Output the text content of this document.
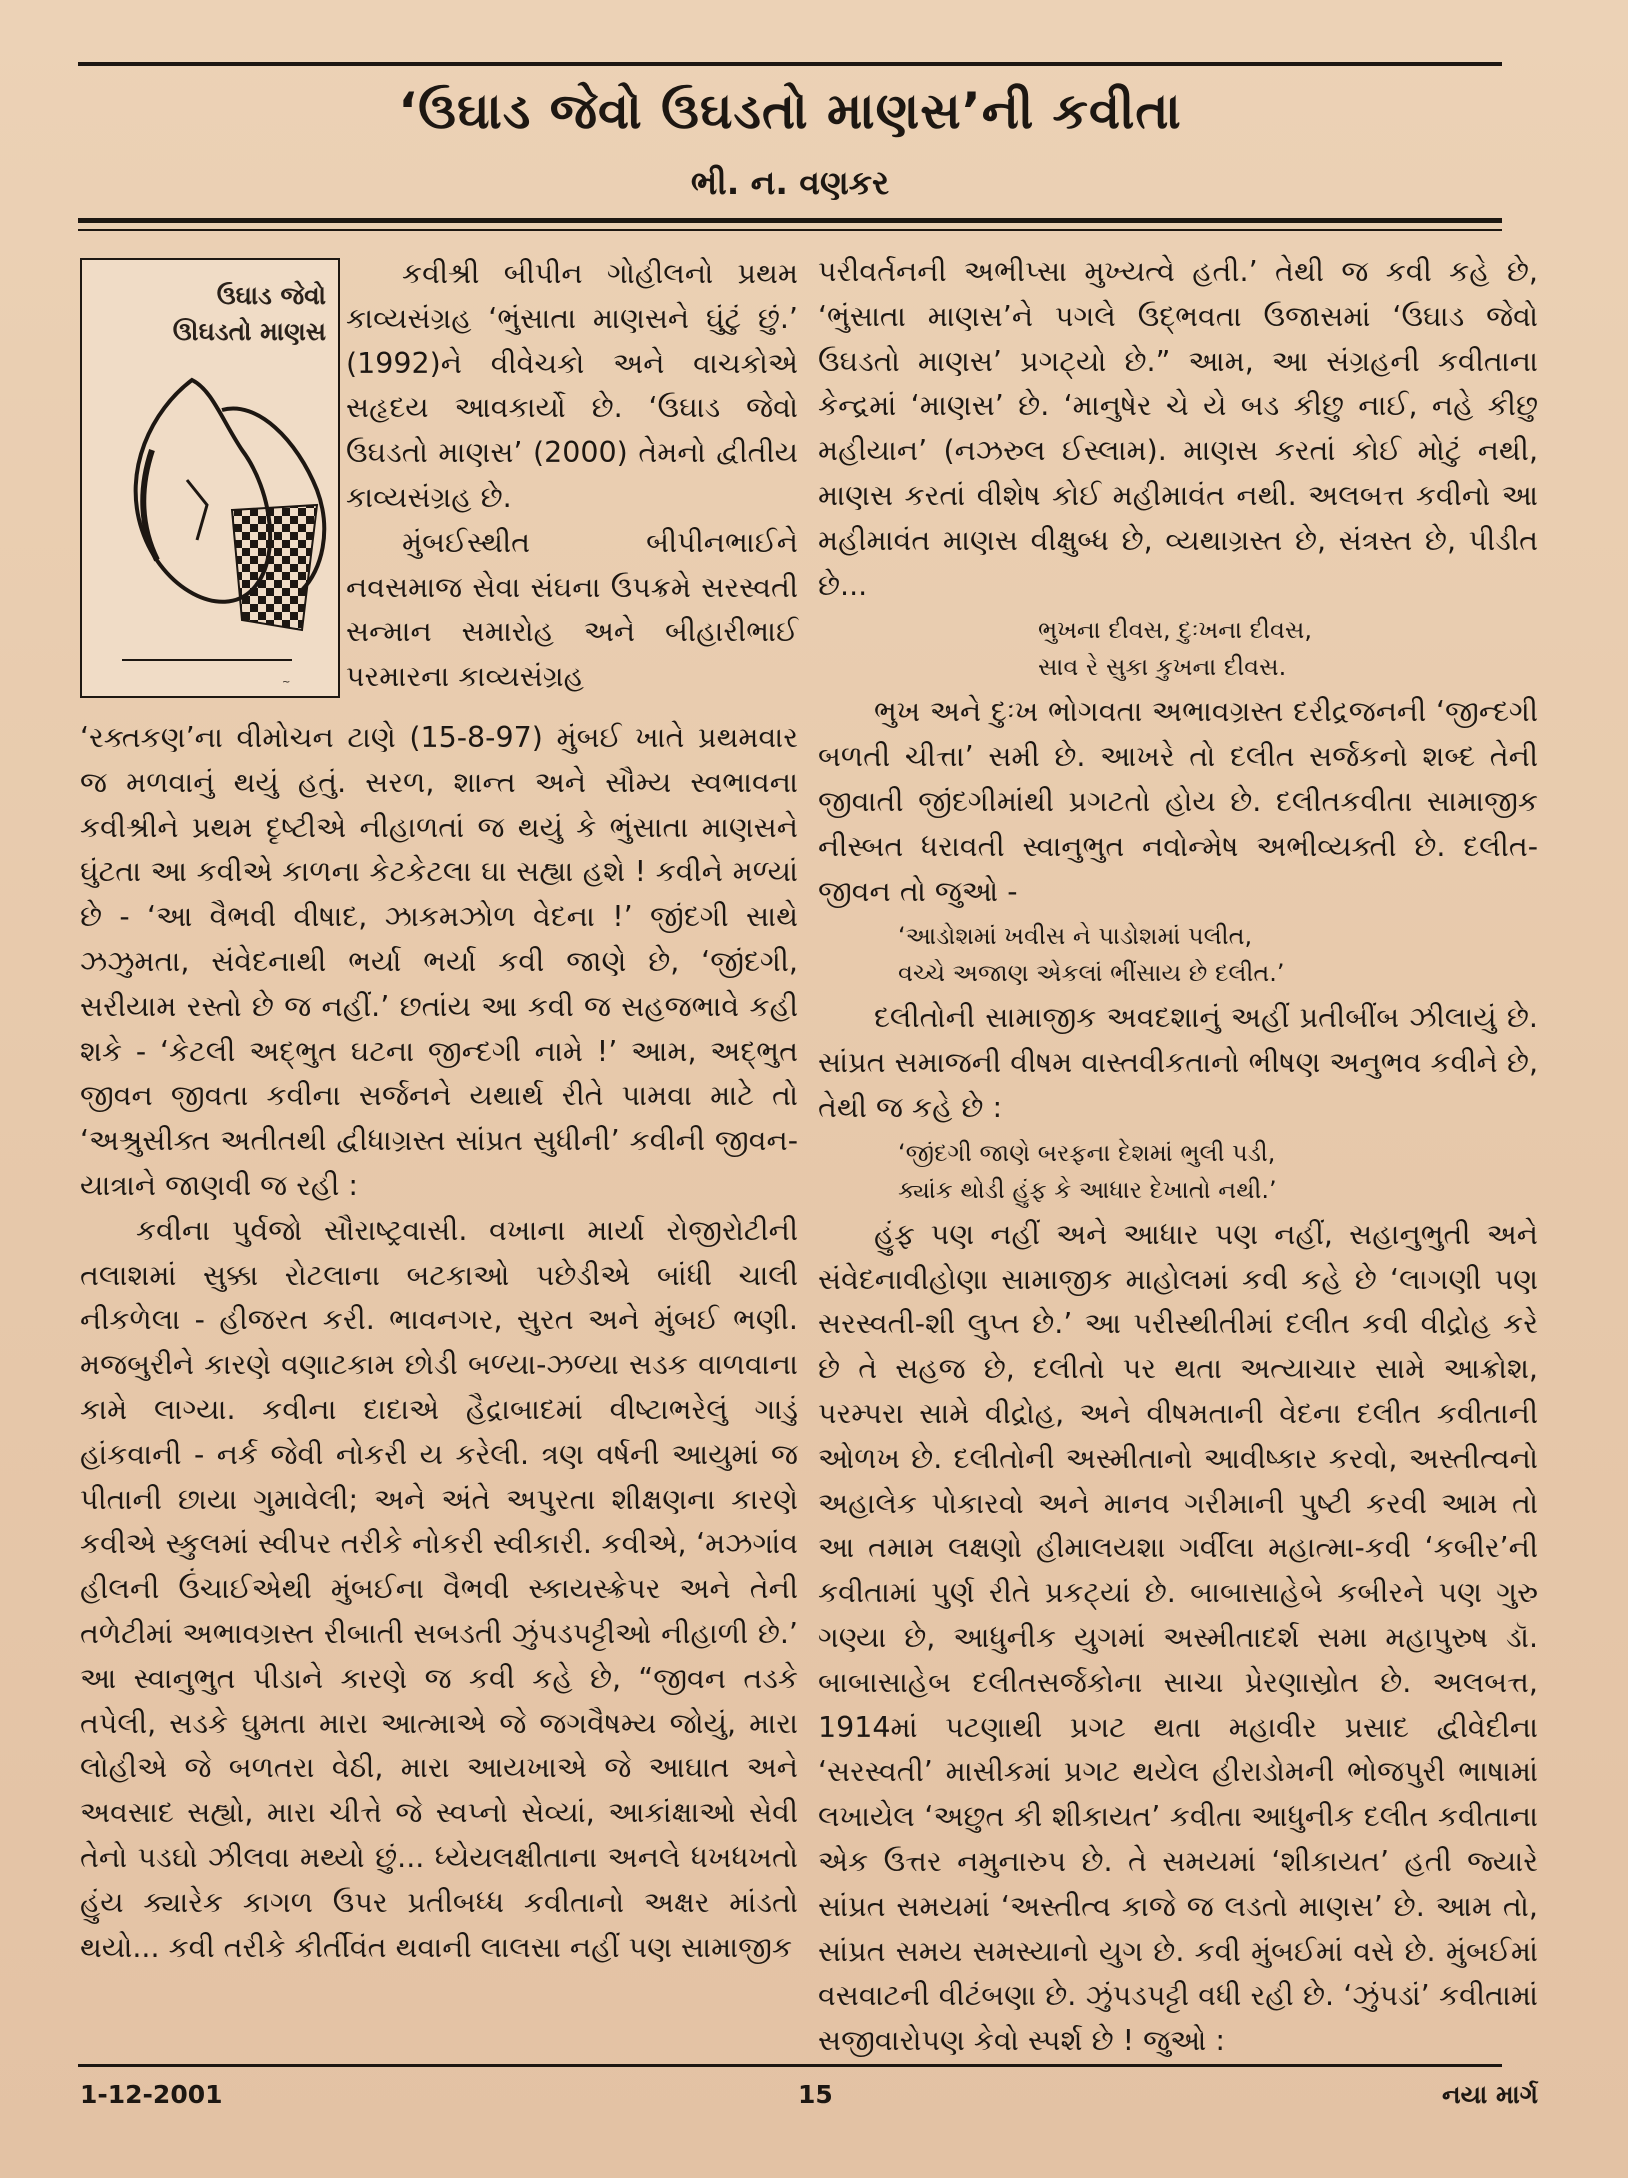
‘ઉઘાડ જેવો ઉઘડતો માણસ’ની કવીતા
ભી. ન. વણકર
~
ઉઘાડ જેવો
ઊઘડતો માણસ

કવીશ્રી બીપીન ગોહીલનો પ્રથમ કાવ્યસંગ્રહ ‘ભુંસાતા માણસને ઘુંટું છું.’ (1992)ને વીવેચકો અને વાચકોએ સહૃદય આવકાર્યો છે. ‘ઉઘાડ જેવો ઉઘડતો માણસ’ (2000) તેમનો દ્વીતીય કાવ્યસંગ્રહ છે.

મુંબઈસ્થીત બીપીનભાઈને નવસમાજ સેવા સંઘના ઉપક્રમે સરસ્વતી સન્માન સમારોહ અને બીહારીભાઈ પરમારના કાવ્યસંગ્રહ

‘રક્તકણ’ના વીમોચન ટાણે (15-8-97) મુંબઈ ખાતે પ્રથમવાર જ મળવાનું થયું હતું. સરળ, શાન્ત અને સૌમ્ય સ્વભાવના કવીશ્રીને પ્રથમ દૃષ્ટીએ નીહાળતાં જ થયું કે ભુંસાતા માણસને ઘુંટતા આ કવીએ કાળના કેટકેટલા ઘા સહ્યા હશે ! કવીને મળ્યાં છે - ‘આ વૈભવી વીષાદ, ઝાકમઝોળ વેદના !’ જીંદગી સાથે ઝઝુમતા, સંવેદનાથી ભર્યા ભર્યા કવી જાણે છે, ‘જીંદગી, સરીયામ રસ્તો છે જ નહીં.’ છતાંય આ કવી જ સહજભાવે કહી શકે - ‘કેટલી અદ્ભુત ઘટના જીન્દગી નામે !’ આમ, અદ્ભુત જીવન જીવતા કવીના સર્જનને યથાર્થ રીતે પામવા માટે તો ‘અશ્રુસીક્ત અતીતથી દ્વીધાગ્રસ્ત સાંપ્રત સુધીની’ કવીની જીવન-યાત્રાને જાણવી જ રહી :

કવીના પુર્વજો સૌરાષ્ટ્રવાસી. વખાના માર્યા રોજીરોટીની તલાશમાં સુક્કા રોટલાના બટકાઓ પછેડીએ બાંધી ચાલી નીકળેલા - હીજરત કરી. ભાવનગર, સુરત અને મુંબઈ ભણી. મજબુરીને કારણે વણાટકામ છોડી બળ્યા-ઝળ્યા સડક વાળવાના કામે લાગ્યા. કવીના દાદાએ હૈદ્રાબાદમાં વીષ્ટાભરેલું ગાડું હાંકવાની - નર્ક જેવી નોકરી ય કરેલી. ત્રણ વર્ષની આયુમાં જ પીતાની છાયા ગુમાવેલી; અને અંતે અપુરતા શીક્ષણના કારણે કવીએ સ્કુલમાં સ્વીપર તરીકે નોકરી સ્વીકારી. કવીએ, ‘મઝગાંવ હીલની ઉંચાઈએથી મુંબઈના વૈભવી સ્કાયસ્ક્રેપર અને તેની તળેટીમાં અભાવગ્રસ્ત રીબાતી સબડતી ઝુંપડપટ્ટીઓ નીહાળી છે.’ આ સ્વાનુભુત પીડાને કારણે જ કવી કહે છે, “જીવન તડકે તપેલી, સડકે ઘુમતા મારા આત્માએ જે જગવૈષમ્ય જોયું, મારા લોહીએ જે બળતરા વેઠી, મારા આયખાએ જે આઘાત અને અવસાદ સહ્યો, મારા ચીત્તે જે સ્વપ્નો સેવ્યાં, આકાંક્ષાઓ સેવી તેનો પડઘો ઝીલવા મથ્યો છું... ધ્યેયલક્ષીતાના અનલે ધખધખતો હુંય ક્યારેક કાગળ ઉપર પ્રતીબધ્ધ કવીતાનો અક્ષર માંડતો થયો... કવી તરીકે કીર્તીવંત થવાની લાલસા નહીં પણ સામાજીક

પરીવર્તનની અભીપ્સા મુખ્યત્વે હતી.’ તેથી જ કવી કહે છે, ‘ભુંસાતા માણસ’ને પગલે ઉદ્ભવતા ઉજાસમાં ‘ઉઘાડ જેવો ઉઘડતો માણસ’ પ્રગટ્યો છે.” આમ, આ સંગ્રહની કવીતાના કેન્દ્રમાં ‘માણસ’ છે. ‘માનુષેર ચે યે બડ કીછુ નાઈ, નહે કીછુ મહીયાન’ (નઝરુલ ઈસ્લામ). માણસ કરતાં કોઈ મોટું નથી, માણસ કરતાં વીશેષ કોઈ મહીમાવંત નથી. અલબત્ત કવીનો આ મહીમાવંત માણસ વીક્ષુબ્ધ છે, વ્યથાગ્રસ્ત છે, સંત્રસ્ત છે, પીડીત છે...

ભુખના દીવસ, દુઃખના દીવસ,

સાવ રે સુકા કુખના દીવસ.

ભુખ અને દુઃખ ભોગવતા અભાવગ્રસ્ત દરીદ્રજનની ‘જીન્દગી બળતી ચીત્તા’ સમી છે. આખરે તો દલીત સર્જકનો શબ્દ તેની જીવાતી જીંદગીમાંથી પ્રગટતો હોય છે. દલીતકવીતા સામાજીક નીસ્બત ધરાવતી સ્વાનુભુત નવોન્મેષ અભીવ્યક્તી છે. દલીત-જીવન તો જુઓ -

‘આડોશમાં ખવીસ ને પાડોશમાં પલીત,

વચ્ચે અજાણ એકલાં ભીંસાય છે દલીત.’

દલીતોની સામાજીક અવદશાનું અહીં પ્રતીબીંબ ઝીલાયું છે. સાંપ્રત સમાજની વીષમ વાસ્તવીકતાનો ભીષણ અનુભવ કવીને છે, તેથી જ કહે છે :

‘જીંદગી જાણે બરફના દેશમાં ભુલી પડી,

ક્યાંક થોડી હુંફ કે આધાર દેખાતો નથી.’

હુંફ પણ નહીં અને આધાર પણ નહીં, સહાનુભુતી અને સંવેદનાવીહોણા સામાજીક માહોલમાં કવી કહે છે ‘લાગણી પણ સરસ્વતી-શી લુપ્ત છે.’ આ પરીસ્થીતીમાં દલીત કવી વીદ્રોહ કરે છે તે સહજ છે, દલીતો પર થતા અત્યાચાર સામે આક્રોશ, પરમ્પરા સામે વીદ્રોહ, અને વીષમતાની વેદના દલીત કવીતાની ઓળખ છે. દલીતોની અસ્મીતાનો આવીષ્કાર કરવો, અસ્તીત્વનો અહાલેક પોકારવો અને માનવ ગરીમાની પુષ્ટી કરવી આમ તો આ તમામ લક્ષણો હીમાલયશા ગર્વીલા મહાત્મા-કવી ‘કબીર’ની કવીતામાં પુર્ણ રીતે પ્રકટ્યાં છે. બાબાસાહેબે કબીરને પણ ગુરુ ગણ્યા છે, આધુનીક યુગમાં અસ્મીતાદર્શ સમા મહાપુરુષ ડૉ. બાબાસાહેબ દલીતસર્જકોના સાચા પ્રેરણાસ્રોત છે. અલબત્ત, 1914માં પટણાથી પ્રગટ થતા મહાવીર પ્રસાદ દ્વીવેદીના ‘સરસ્વતી’ માસીકમાં પ્રગટ થયેલ હીરાડોમની ભોજપુરી ભાષામાં લખાયેલ ‘અછુત કી શીકાયત’ કવીતા આધુનીક દલીત કવીતાના એક ઉત્તર નમુનારુપ છે. તે સમયમાં ‘શીકાયત’ હતી જ્યારે સાંપ્રત સમયમાં ‘અસ્તીત્વ કાજે જ લડતો માણસ’ છે. આમ તો, સાંપ્રત સમય સમસ્યાનો યુગ છે. કવી મુંબઈમાં વસે છે. મુંબઈમાં વસવાટની વીટંબણા છે. ઝુંપડપટ્ટી વધી રહી છે. ‘ઝુંપડાં’ કવીતામાં સજીવારોપણ કેવો સ્પર્શ છે ! જુઓ :

1-12-2001	15	નયા માર્ગ
